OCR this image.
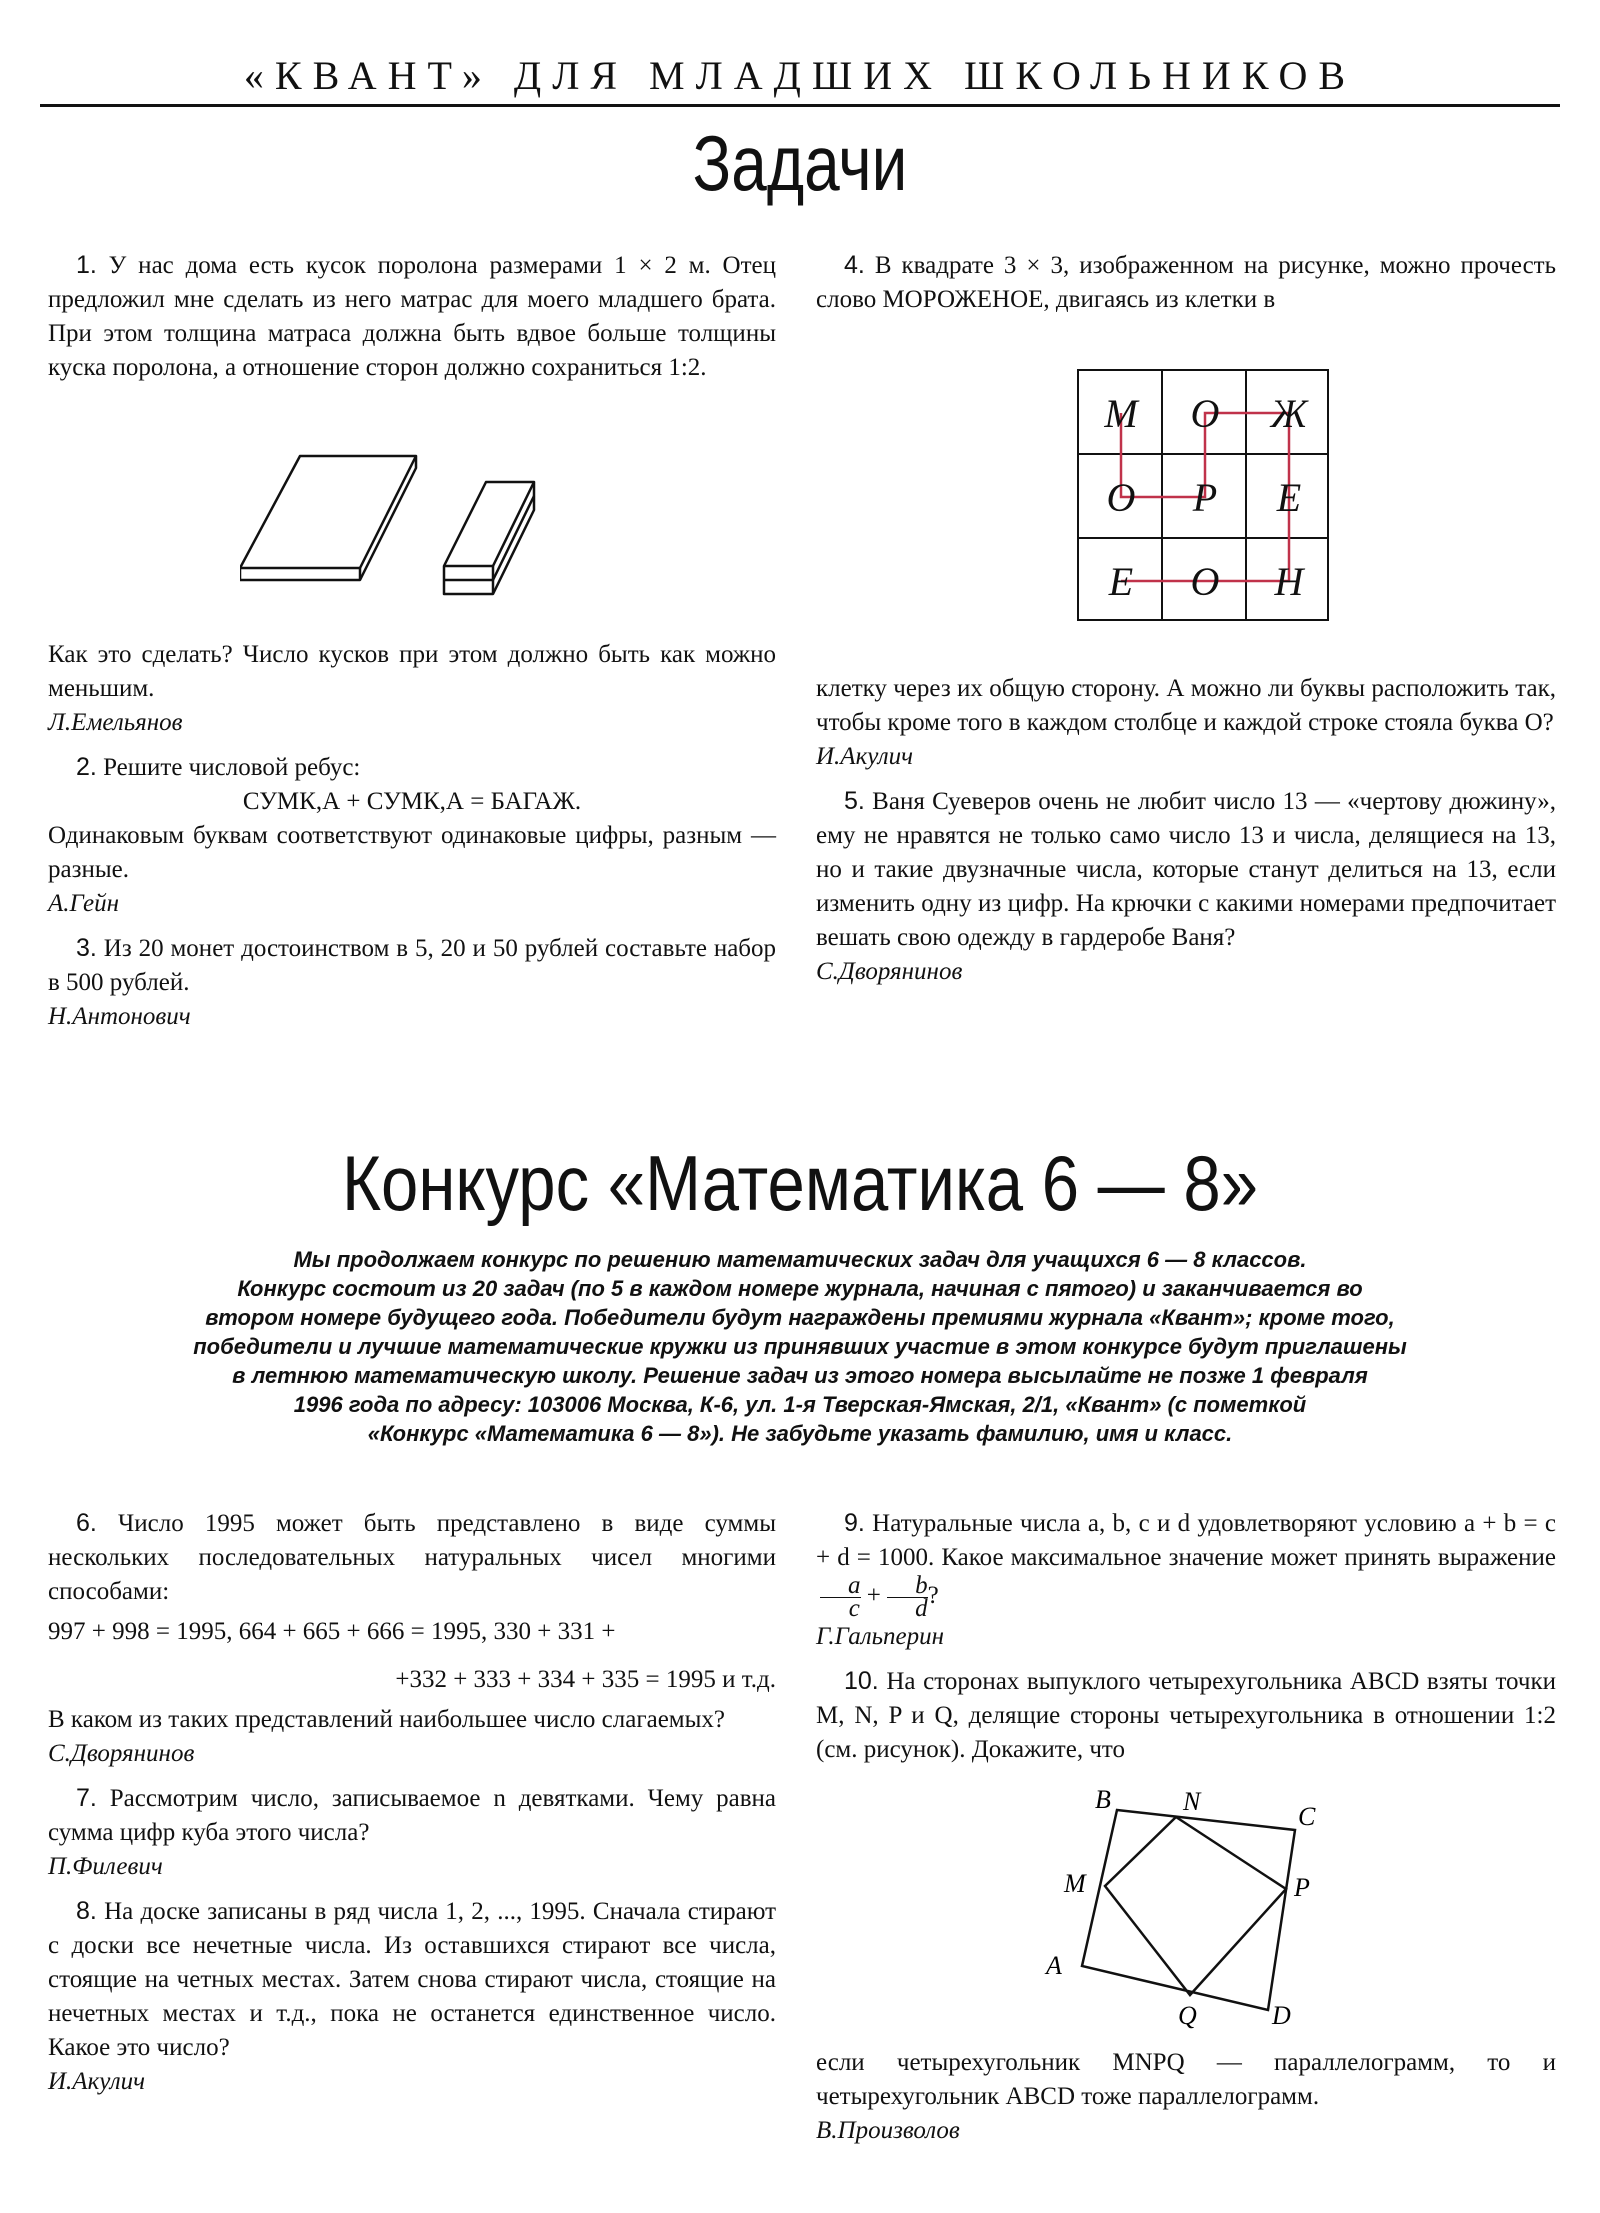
«КВАНТ» ДЛЯ МЛАДШИХ ШКОЛЬНИКОВ
Задачи

1. У нас дома есть кусок поролона размерами 1 × 2 м. Отец предложил мне сделать из него матрас для моего младшего брата. При этом толщина матраса должна быть вдвое больше толщины куска поролона, а отношение сторон должно сохраниться 1:2.

Как это сделать? Число кусков при этом должно быть как можно меньшим.

Л.Емельянов

2. Решите числовой ребус:

СУМК,А + СУМК,А = БАГАЖ.

Одинаковым буквам соответствуют одинаковые цифры, разным — разные.

А.Гейн

3. Из 20 монет достоинством в 5, 20 и 50 рублей составьте набор в 500 рублей.

Н.Антонович

4. В квадрате 3 × 3, изображенном на рисунке, можно прочесть слово МОРОЖЕНОЕ, двигаясь из клетки в

М	О	Ж
О	Р	Е
Е	О	Н

клетку через их общую сторону. А можно ли буквы расположить так, чтобы кроме того в каждом столбце и каждой строке стояла буква О?

И.Акулич

5. Ваня Суеверов очень не любит число 13 — «чертову дюжину», ему не нравятся не только само число 13 и числа, делящиеся на 13, но и такие двузначные числа, которые станут делиться на 13, если изменить одну из цифр. На крючки с какими номерами предпочитает вешать свою одежду в гардеробе Ваня?

С.Дворянинов

Конкурс «Математика 6 — 8»
Мы продолжаем конкурс по решению математических задач для учащихся 6 — 8 классов.
Конкурс состоит из 20 задач (по 5 в каждом номере журнала, начиная с пятого) и заканчивается во
втором номере будущего года. Победители будут награждены премиями журнала «Квант»; кроме того,
победители и лучшие математические кружки из принявших участие в этом конкурсе будут приглашены
в летнюю математическую школу. Решение задач из этого номера высылайте не позже 1 февраля
1996 года по адресу: 103006 Москва, К-6, ул. 1-я Тверская-Ямская, 2/1, «Квант» (с пометкой
«Конкурс «Математика 6 — 8»). Не забудьте указать фамилию, имя и класс.

6. Число 1995 может быть представлено в виде суммы нескольких последовательных натуральных чисел многими способами:

997 + 998 = 1995, 664 + 665 + 666 = 1995, 330 + 331 +

+332 + 333 + 334 + 335 = 1995 и т.д.

В каком из таких представлений наибольшее число слагаемых?

С.Дворянинов

7. Рассмотрим число, записываемое n девятками. Чему равна сумма цифр куба этого числа?

П.Филевич

8. На доске записаны в ряд числа 1, 2, ..., 1995. Сначала стирают с доски все нечетные числа. Из оставшихся стирают все числа, стоящие на четных местах. Затем снова стирают числа, стоящие на нечетных местах и т.д., пока не останется единственное число. Какое это число?

И.Акулич

9. Натуральные числа a, b, c и d удовлетворяют условию a + b = c + d = 1000. Какое максимальное значение может принять выражение
$\frac{a}{c} + \frac{b}{d}$ ?

Г.Гальперин

10. На сторонах выпуклого четырехугольника ABCD взяты точки M, N, P и Q, делящие стороны четырехугольника в отношении 1:2 (см. рисунок). Докажите, что

B	N
C
M	P
A
Q	D

если четырехугольник MNPQ — параллелограмм, то и четырехугольник ABCD тоже параллелограмм.

В.Произволов
